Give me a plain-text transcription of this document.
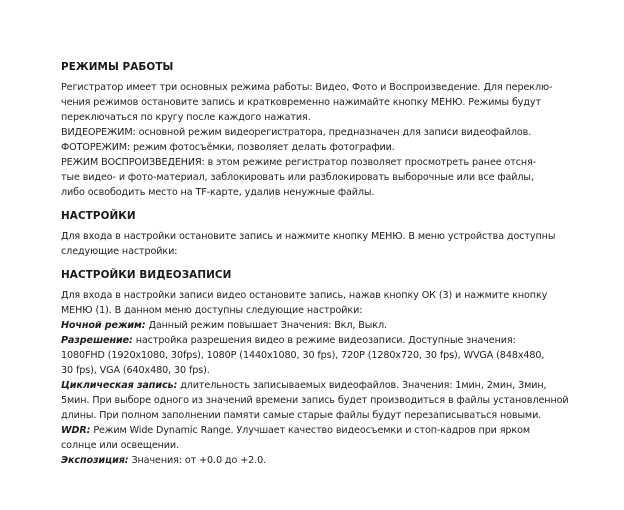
РЕЖИМЫ РАБОТЫ

Регистратор имеет три основных режима работы: Видео, Фото и Воспроизведение. Для переклю-
чения режимов остановите запись и кратковременно нажимайте кнопку МЕНЮ. Режимы будут
переключаться по кругу после каждого нажатия.
ВИДЕОРЕЖИМ: основной режим видеорегистратора, предназначен для записи видеофайлов.
ФОТОРЕЖИМ: режим фотосъёмки, позволяет делать фотографии.
РЕЖИМ ВОСПРОИЗВЕДЕНИЯ: в этом режиме регистратор позволяет просмотреть ранее отсня-
тые видео- и фото-материал, заблокировать или разблокировать выборочные или все файлы,
либо освободить место на TF-карте, удалив ненужные файлы.

НАСТРОЙКИ

Для входа в настройки остановите запись и нажмите кнопку МЕНЮ. В меню устройства доступны
следующие настройки:

НАСТРОЙКИ ВИДЕОЗАПИСИ

Для входа в настройки записи видео остановите запись, нажав кнопку ОК (3) и нажмите кнопку
МЕНЮ (1). В данном меню доступны следующие настройки:
Ночной режим: Данный режим повышает Значения: Вкл, Выкл.
Разрешение: настройка разрешения видео в режиме видеозаписи. Доступные значения:
1080FHD (1920x1080, 30fps), 1080P (1440x1080, 30 fps), 720P (1280x720, 30 fps), WVGA (848x480,
30 fps), VGA (640x480, 30 fps).
Циклическая запись: длительность записываемых видеофайлов. Значения: 1мин, 2мин, 3мин,
5мин. При выборе одного из значений времени запись будет производиться в файлы установленной
длины. При полном заполнении памяти самые старые файлы будут перезаписываться новыми.
WDR: Режим Wide Dynamic Range. Улучшает качество видеосъемки и стоп-кадров при ярком
солнце или освещении.
Экспозиция: Значения: от +0.0 до +2.0.
